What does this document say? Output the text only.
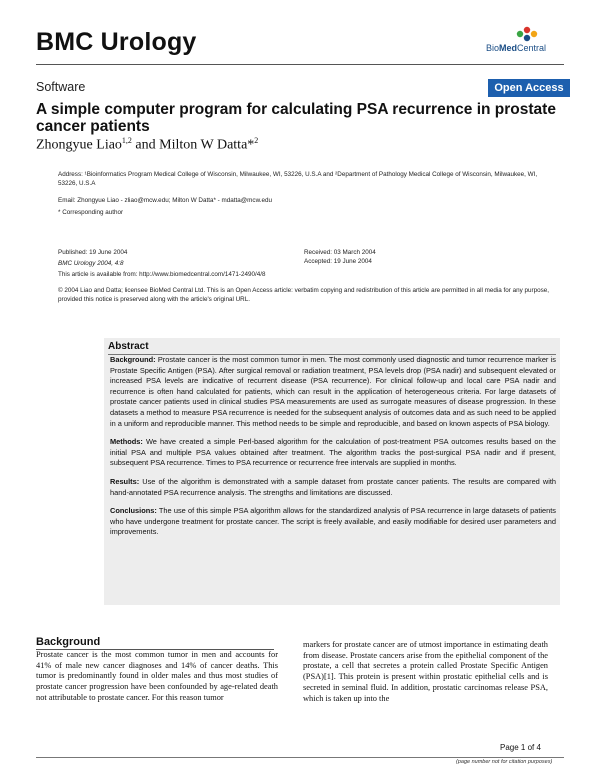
BMC Urology	BioMedCentral
Software	Open Access
A simple computer program for calculating PSA recurrence in prostate cancer patients
Zhongyue Liao$^{1,2}$ and Milton W Datta*$^2$
Address: ¹Bioinformatics Program Medical College of Wisconsin, Milwaukee, WI, 53226, U.S.A and ²Department of Pathology Medical College of Wisconsin, Milwaukee, WI, 53226, U.S.A
Email: Zhongyue Liao - zliao@mcw.edu; Milton W Datta* - mdatta@mcw.edu
* Corresponding author
Published: 19 June 2004
BMC Urology 2004, 4:8
This article is available from: http://www.biomedcentral.com/1471-2490/4/8
Received: 03 March 2004
Accepted: 19 June 2004
© 2004 Liao and Datta; licensee BioMed Central Ltd. This is an Open Access article: verbatim copying and redistribution of this article are permitted in all media for any purpose, provided this notice is preserved along with the article's original URL.
Abstract

Background: Prostate cancer is the most common tumor in men. The most commonly used diagnostic and tumor recurrence marker is Prostate Specific Antigen (PSA). After surgical removal or radiation treatment, PSA levels drop (PSA nadir) and subsequent elevated or increased PSA levels are indicative of recurrent disease (PSA recurrence). For clinical follow-up and local care PSA nadir and recurrence is often hand calculated for patients, which can result in the application of heterogeneous criteria. For large datasets of prostate cancer patients used in clinical studies PSA measurements are used as surrogate measures of disease progression. In these datasets a method to measure PSA recurrence is needed for the subsequent analysis of outcomes data and as such need to be applied in a uniform and reproducible manner. This method needs to be simple and reproducible, and based on known aspects of PSA biology.

Methods: We have created a simple Perl-based algorithm for the calculation of post-treatment PSA outcomes results based on the initial PSA and multiple PSA values obtained after treatment. The algorithm tracks the post-surgical PSA nadir and if present, subsequent PSA recurrence. Times to PSA recurrence or recurrence free intervals are supplied in months.

Results: Use of the algorithm is demonstrated with a sample dataset from prostate cancer patients. The results are compared with hand-annotated PSA recurrence analysis. The strengths and limitations are discussed.

Conclusions: The use of this simple PSA algorithm allows for the standardized analysis of PSA recurrence in large datasets of patients who have undergone treatment for prostate cancer. The script is freely available, and easily modifiable for desired user parameters and improvements.

Background
Prostate cancer is the most common tumor in men and accounts for 41% of male new cancer diagnoses and 14% of cancer deaths. This tumor is predominantly found in older males and thus most studies of prostate cancer progression have been confounded by age-related death not attributable to prostate cancer. For this reason tumor
markers for prostate cancer are of utmost importance in estimating death from disease. Prostate cancers arise from the epithelial component of the prostate, a cell that secretes a protein called Prostate Specific Antigen (PSA)[1]. This protein is present within prostatic epithelial cells and is secreted in seminal fluid. In addition, prostatic carcinomas release PSA, which is taken up into the
Page 1 of 4
(page number not for citation purposes)
